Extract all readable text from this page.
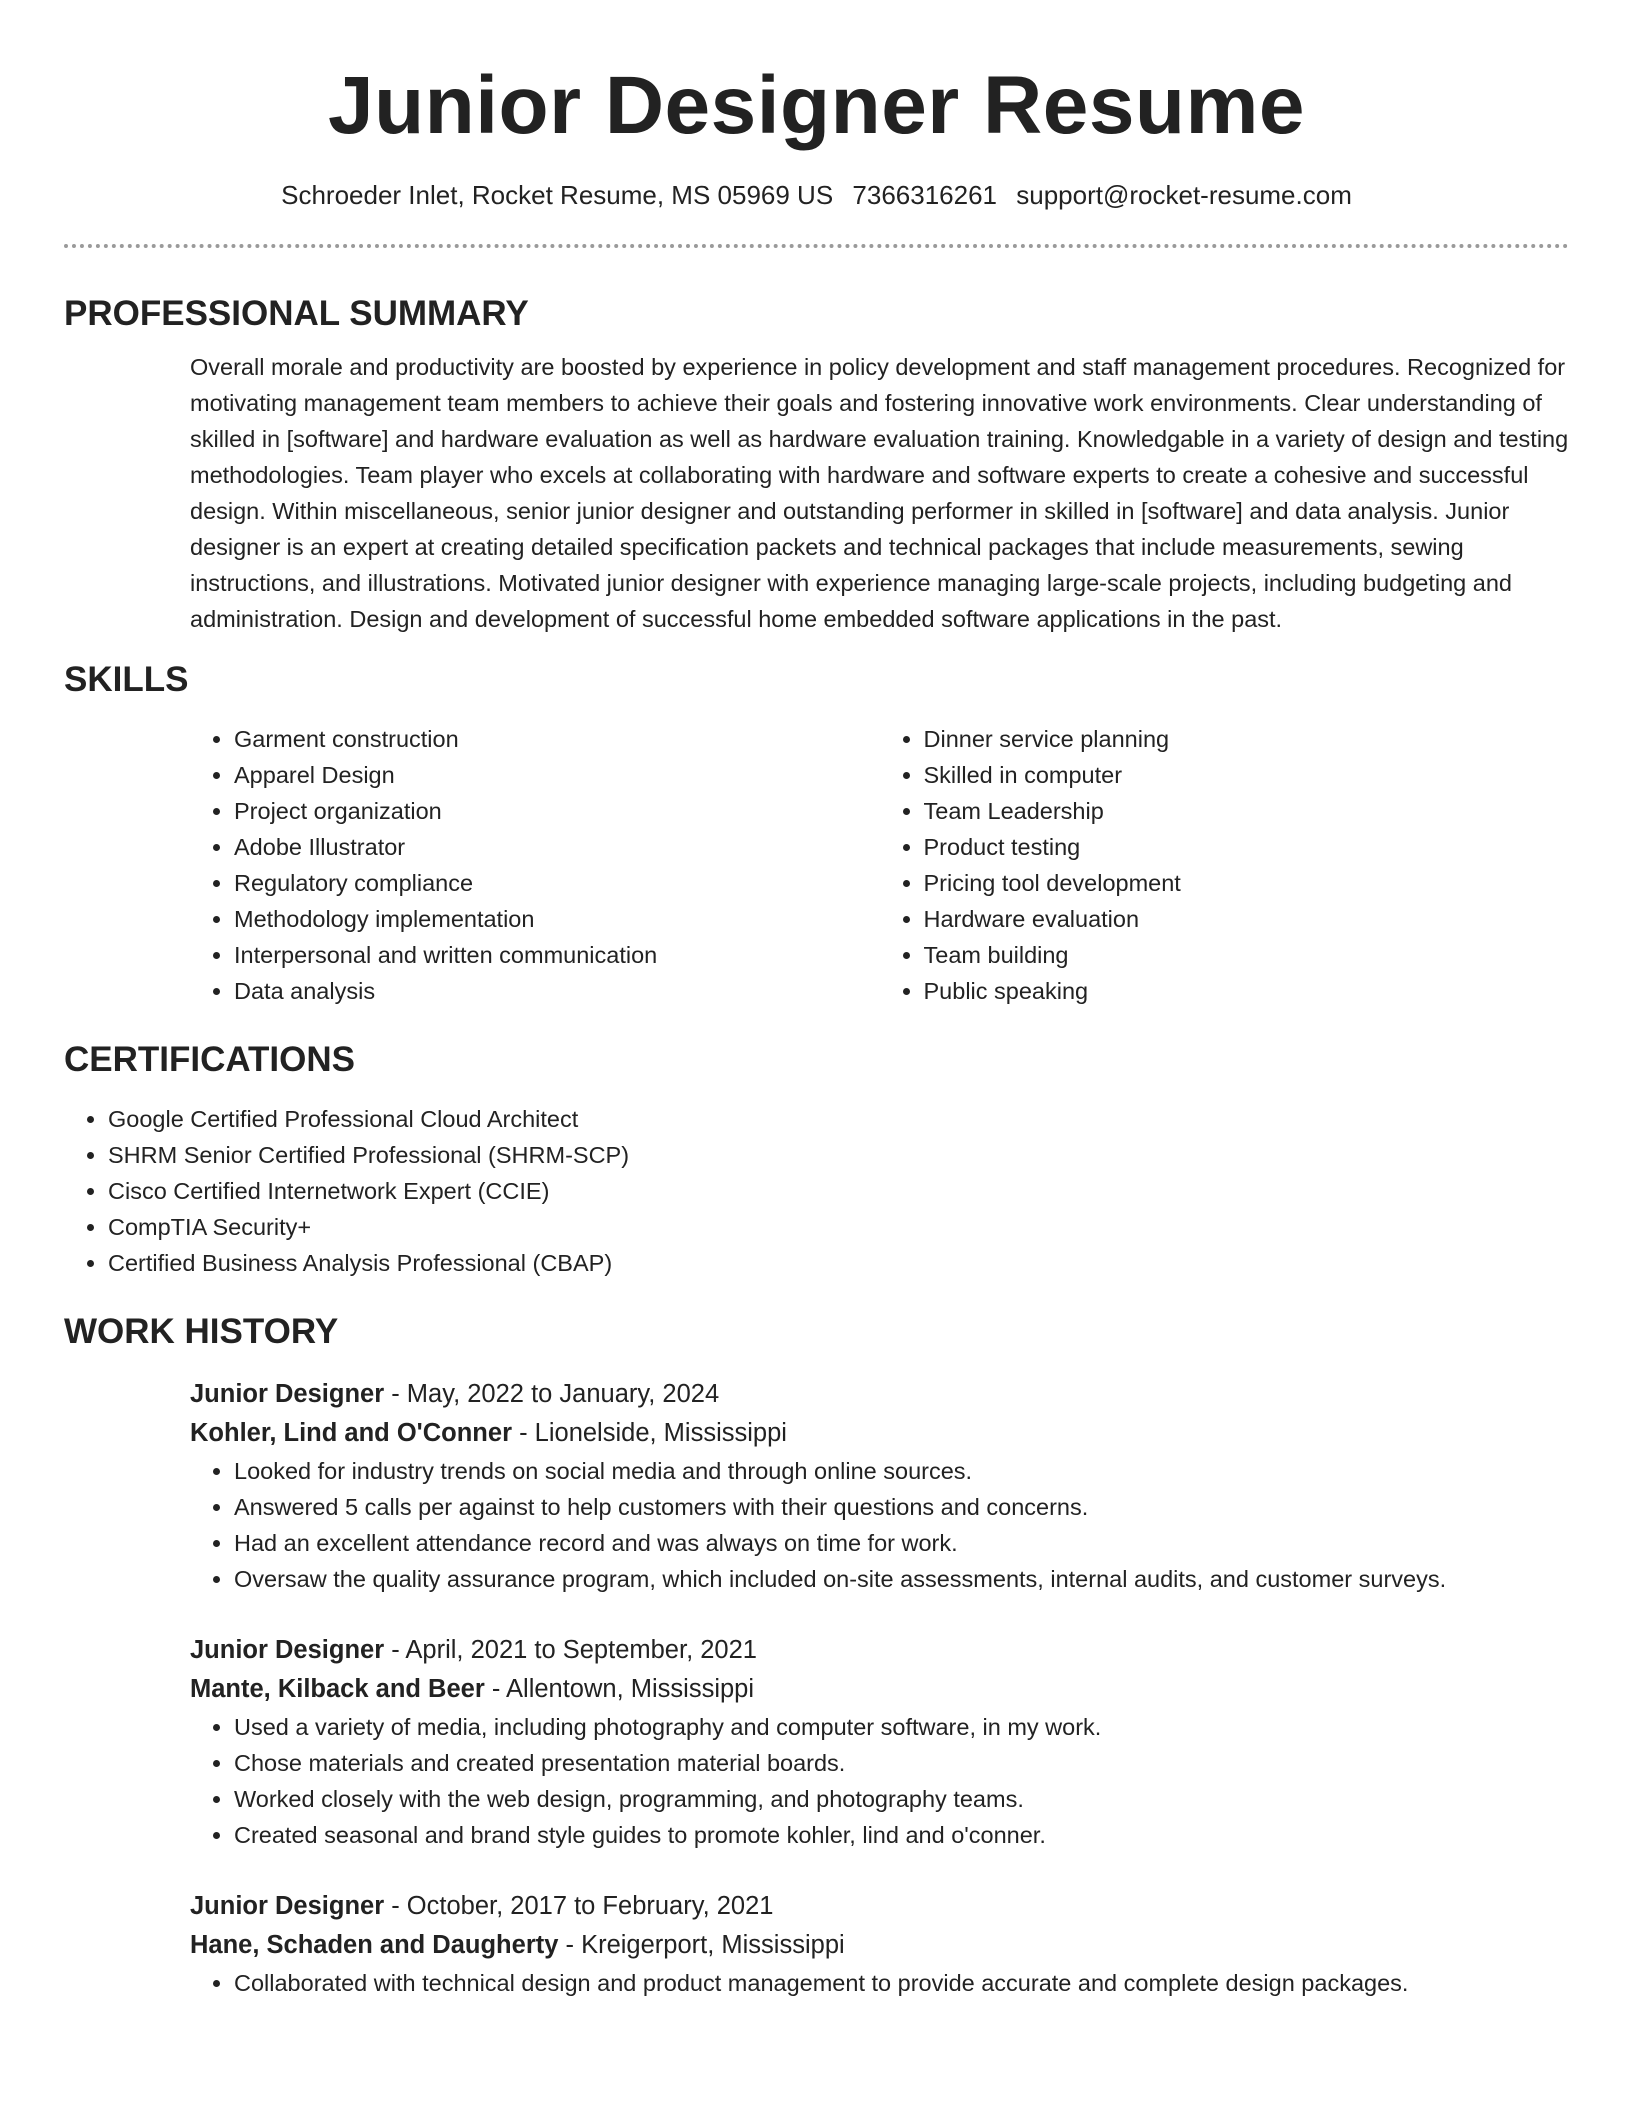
Junior Designer Resume
Schroeder Inlet, Rocket Resume, MS 05969 US 7366316261 support@rocket-resume.com
PROFESSIONAL SUMMARY

Overall morale and productivity are boosted by experience in policy development and staff management procedures. Recognized for motivating management team members to achieve their goals and fostering innovative work environments. Clear understanding of skilled in [software] and hardware evaluation as well as hardware evaluation training. Knowledgable in a variety of design and testing methodologies. Team player who excels at collaborating with hardware and software experts to create a cohesive and successful design. Within miscellaneous, senior junior designer and outstanding performer in skilled in [software] and data analysis. Junior designer is an expert at creating detailed specification packets and technical packages that include measurements, sewing instructions, and illustrations. Motivated junior designer with experience managing large-scale projects, including budgeting and administration. Design and development of successful home embedded software applications in the past.

SKILLS
• Garment construction
• Apparel Design
• Project organization
• Adobe Illustrator
• Regulatory compliance
• Methodology implementation
• Interpersonal and written communication
• Data analysis
• Dinner service planning
• Skilled in computer
• Team Leadership
• Product testing
• Pricing tool development
• Hardware evaluation
• Team building
• Public speaking
CERTIFICATIONS
• Google Certified Professional Cloud Architect
• SHRM Senior Certified Professional (SHRM-SCP)
• Cisco Certified Internetwork Expert (CCIE)
• CompTIA Security+
• Certified Business Analysis Professional (CBAP)
WORK HISTORY
Junior Designer - May, 2022 to January, 2024
Kohler, Lind and O'Conner - Lionelside, Mississippi
• Looked for industry trends on social media and through online sources.
• Answered 5 calls per against to help customers with their questions and concerns.
• Had an excellent attendance record and was always on time for work.
• Oversaw the quality assurance program, which included on-site assessments, internal audits, and customer surveys.
Junior Designer - April, 2021 to September, 2021
Mante, Kilback and Beer - Allentown, Mississippi
• Used a variety of media, including photography and computer software, in my work.
• Chose materials and created presentation material boards.
• Worked closely with the web design, programming, and photography teams.
• Created seasonal and brand style guides to promote kohler, lind and o'conner.
Junior Designer - October, 2017 to February, 2021
Hane, Schaden and Daugherty - Kreigerport, Mississippi
• Collaborated with technical design and product management to provide accurate and complete design packages.
